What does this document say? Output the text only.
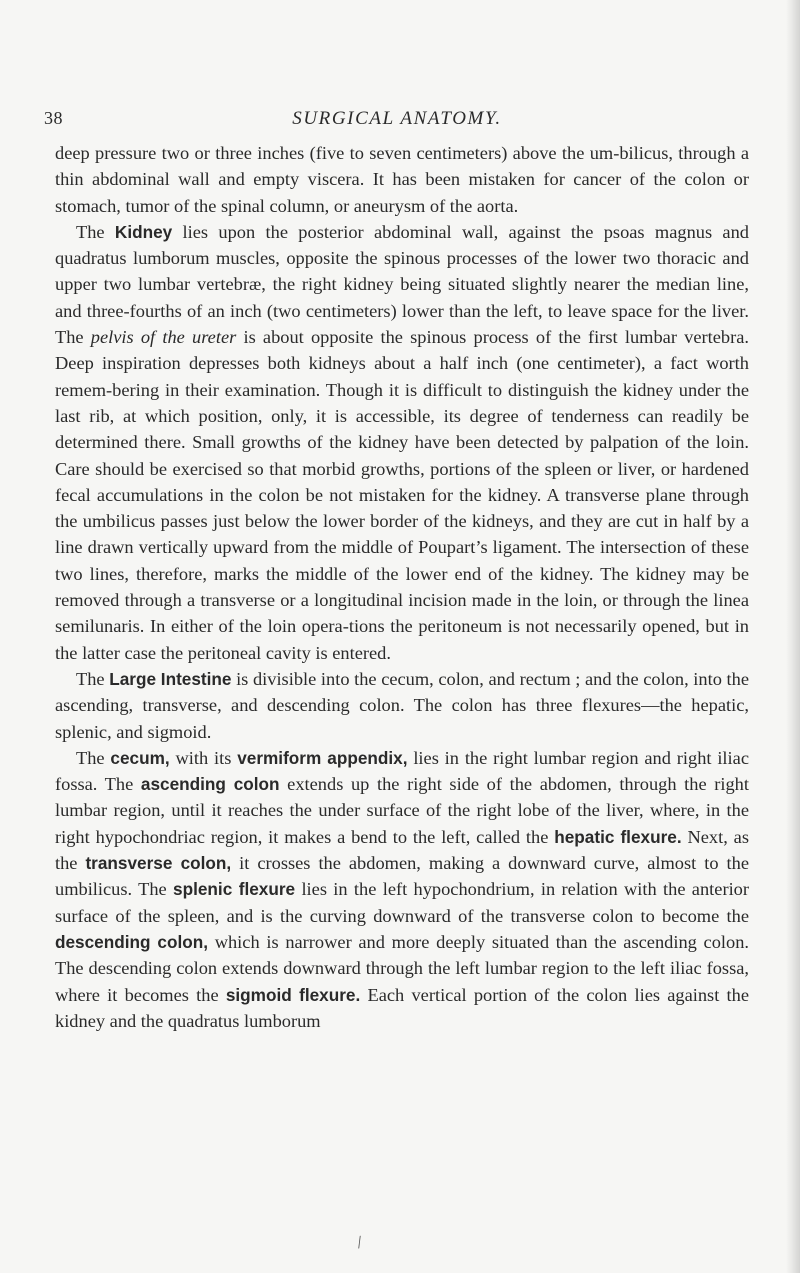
38	SURGICAL ANATOMY.

deep pressure two or three inches (five to seven centimeters) above the um-bilicus, through a thin abdominal wall and empty viscera. It has been mistaken for cancer of the colon or stomach, tumor of the spinal column, or aneurysm of the aorta.

The Kidney lies upon the posterior abdominal wall, against the psoas magnus and quadratus lumborum muscles, opposite the spinous processes of the lower two thoracic and upper two lumbar vertebræ, the right kidney being situated slightly nearer the median line, and three-fourths of an inch (two centimeters) lower than the left, to leave space for the liver. The pelvis of the ureter is about opposite the spinous process of the first lumbar vertebra. Deep inspiration depresses both kidneys about a half inch (one centimeter), a fact worth remem-bering in their examination. Though it is difficult to distinguish the kidney under the last rib, at which position, only, it is accessible, its degree of tenderness can readily be determined there. Small growths of the kidney have been detected by palpation of the loin. Care should be exercised so that morbid growths, portions of the spleen or liver, or hardened fecal accumulations in the colon be not mistaken for the kidney. A transverse plane through the umbilicus passes just below the lower border of the kidneys, and they are cut in half by a line drawn vertically upward from the middle of Poupart’s ligament. The intersection of these two lines, therefore, marks the middle of the lower end of the kidney. The kidney may be removed through a transverse or a longitudinal incision made in the loin, or through the linea semilunaris. In either of the loin opera-tions the peritoneum is not necessarily opened, but in the latter case the peritoneal cavity is entered.

The Large Intestine is divisible into the cecum, colon, and rectum ; and the colon, into the ascending, transverse, and descending colon. The colon has three flexures—the hepatic, splenic, and sigmoid.

The cecum, with its vermiform appendix, lies in the right lumbar region and right iliac fossa. The ascending colon extends up the right side of the abdomen, through the right lumbar region, until it reaches the under surface of the right lobe of the liver, where, in the right hypochondriac region, it makes a bend to the left, called the hepatic flexure. Next, as the transverse colon, it crosses the abdomen, making a downward curve, almost to the umbilicus. The splenic flexure lies in the left hypochondrium, in relation with the anterior surface of the spleen, and is the curving downward of the transverse colon to become the descending colon, which is narrower and more deeply situated than the ascending colon. The descending colon extends downward through the left lumbar region to the left iliac fossa, where it becomes the sigmoid flexure. Each vertical portion of the colon lies against the kidney and the quadratus lumborum

/
